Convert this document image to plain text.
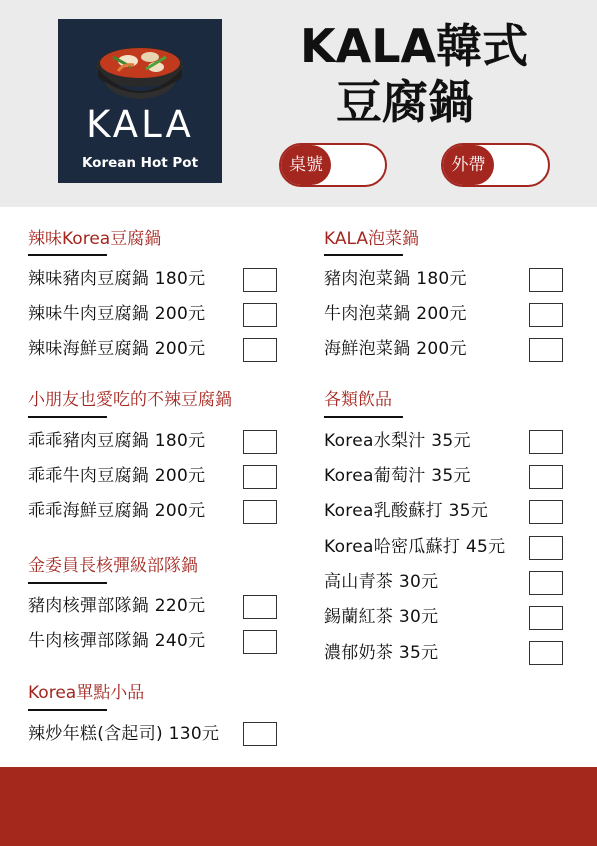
KALA
Korean Hot Pot
KALA韓式
豆腐鍋
桌號	外帶
辣味Korea豆腐鍋
辣味豬肉豆腐鍋 180元
辣味牛肉豆腐鍋 200元
辣味海鮮豆腐鍋 200元
小朋友也愛吃的不辣豆腐鍋
乖乖豬肉豆腐鍋 180元
乖乖牛肉豆腐鍋 200元
乖乖海鮮豆腐鍋 200元
金委員長核彈級部隊鍋
豬肉核彈部隊鍋 220元
牛肉核彈部隊鍋 240元
Korea單點小品
辣炒年糕(含起司) 130元
KALA泡菜鍋
豬肉泡菜鍋 180元
牛肉泡菜鍋 200元
海鮮泡菜鍋 200元
各類飲品
Korea水梨汁 35元
Korea葡萄汁 35元
Korea乳酸蘇打 35元
Korea哈密瓜蘇打 45元
高山青茶 30元
錫蘭紅茶 30元
濃郁奶茶 35元
